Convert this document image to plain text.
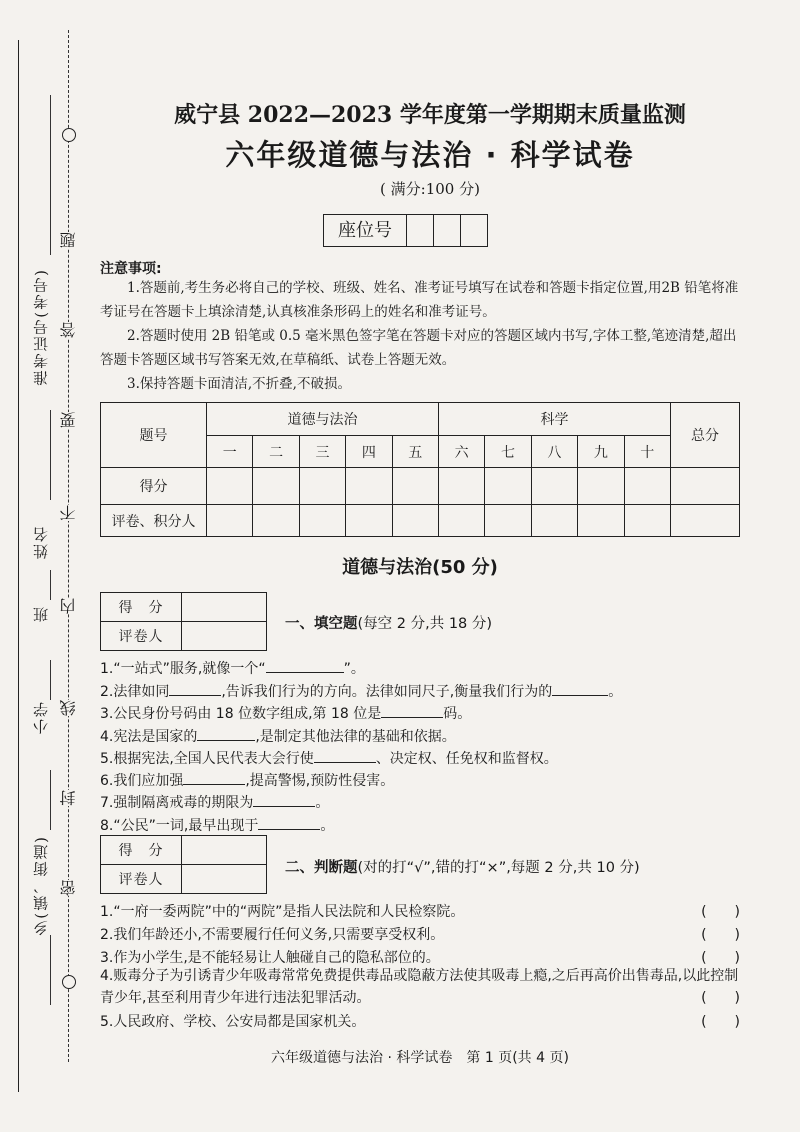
准考证号(考号)
姓名
班
小学
乡(镇、街道)
题
答
要
不
内
线
封
密
威宁县 2022—2023 学年度第一学期期末质量监测
六年级道德与法治 · 科学试卷
( 满分:100 分)
座位号
注意事项:
1.答题前,考生务必将自己的学校、班级、姓名、准考证号填写在试卷和答题卡指定位置,用2B 铅笔将准考证号在答题卡上填涂清楚,认真核准条形码上的姓名和准考证号。
2.答题时使用 2B 铅笔或 0.5 毫米黑色签字笔在答题卡对应的答题区域内书写,字体工整,笔迹清楚,超出答题卡答题区域书写答案无效,在草稿纸、试卷上答题无效。
3.保持答题卡面清洁,不折叠,不破损。
题号	道德与法治					科学					总分
	一	二	三	四	五	六	七	八	九	十	
得分											
评卷、积分人											
道德与法治(50 分)
得　分	
评卷人	
一、填空题(每空 2 分,共 18 分)
1.“一站式”服务,就像一个“	”。
2.法律如同	,告诉我们行为的方向。法律如同尺子,衡量我们行为的	。
3.公民身份号码由 18 位数字组成,第 18 位是	码。
4.宪法是国家的	,是制定其他法律的基础和依据。
5.根据宪法,全国人民代表大会行使	、决定权、任免权和监督权。
6.我们应加强	,提高警惕,预防性侵害。
7.强制隔离戒毒的期限为	。
8.“公民”一词,最早出现于	。
得　分	
评卷人	
二、判断题(对的打“√”,错的打“×”,每题 2 分,共 10 分)
1.“一府一委两院”中的“两院”是指人民法院和人民检察院。	(　　)
2.我们年龄还小,不需要履行任何义务,只需要享受权利。	(　　)
3.作为小学生,是不能轻易让人触碰自己的隐私部位的。	(　　)
4.贩毒分子为引诱青少年吸毒常常免费提供毒品或隐蔽方法使其吸毒上瘾,之后再高价出售毒品,以此控制青少年,甚至利用青少年进行违法犯罪活动。	(　　)
5.人民政府、学校、公安局都是国家机关。	(　　)
六年级道德与法治 · 科学试卷　第 1 页(共 4 页)
